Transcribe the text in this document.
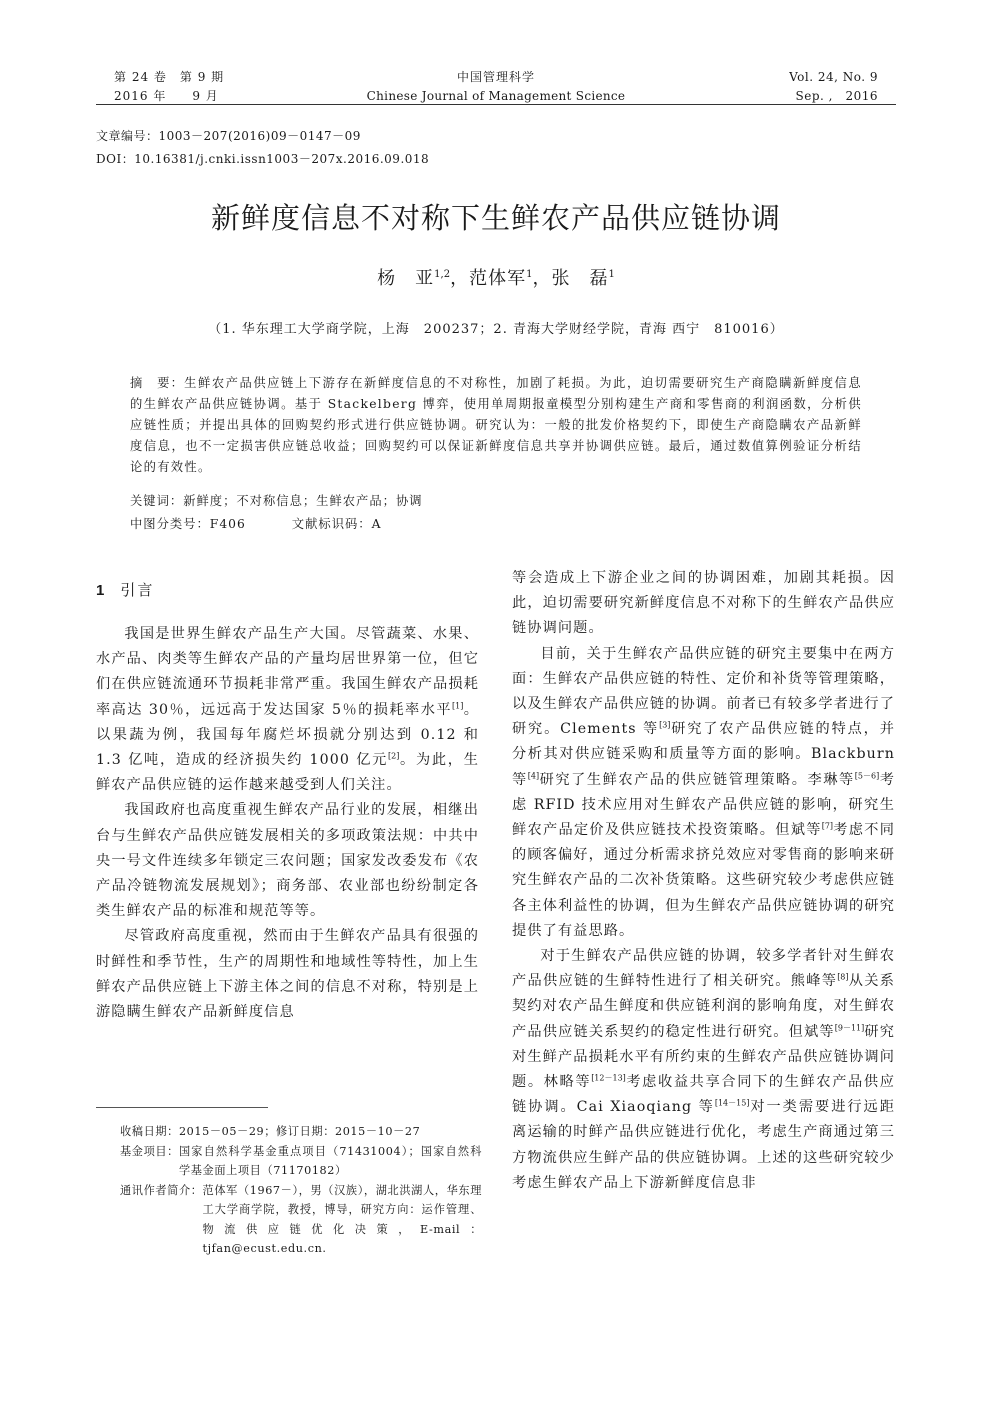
第 24 卷　第 9 期
2016 年　　9 月
中国管理科学
Chinese Journal of Management Science
Vol. 24, No. 9
Sep. ,　2016
文章编号：1003－207(2016)09－0147－09
DOI：10.16381/j.cnki.issn1003－207x.2016.09.018
新鲜度信息不对称下生鲜农产品供应链协调
杨　亚$^{1,2}$，范体军$^1$，张　磊$^1$
（1. 华东理工大学商学院，上海　200237；2. 青海大学财经学院，青海 西宁　810016）
摘　要：生鲜农产品供应链上下游存在新鲜度信息的不对称性，加剧了耗损。为此，迫切需要研究生产商隐瞒新鲜度信息的生鲜农产品供应链协调。基于 Stackelberg 博弈，使用单周期报童模型分别构建生产商和零售商的利润函数，分析供应链性质；并提出具体的回购契约形式进行供应链协调。研究认为：一般的批发价格契约下，即使生产商隐瞒农产品新鲜度信息，也不一定损害供应链总收益；回购契约可以保证新鲜度信息共享并协调供应链。最后，通过数值算例验证分析结论的有效性。
关键词：新鲜度；不对称信息；生鲜农产品；协调
中图分类号：F406	文献标识码：A
1 引言

我国是世界生鲜农产品生产大国。尽管蔬菜、水果、水产品、肉类等生鲜农产品的产量均居世界第一位，但它们在供应链流通环节损耗非常严重。我国生鲜农产品损耗率高达 30％，远远高于发达国家 5％的损耗率水平[1]。以果蔬为例，我国每年腐烂坏损就分别达到 0.12 和 1.3 亿吨，造成的经济损失约 1000 亿元[2]。为此，生鲜农产品供应链的运作越来越受到人们关注。

我国政府也高度重视生鲜农产品行业的发展，相继出台与生鲜农产品供应链发展相关的多项政策法规：中共中央一号文件连续多年锁定三农问题；国家发改委发布《农产品冷链物流发展规划》；商务部、农业部也纷纷制定各类生鲜农产品的标准和规范等等。

尽管政府高度重视，然而由于生鲜农产品具有很强的时鲜性和季节性，生产的周期性和地域性等特性，加上生鲜农产品供应链上下游主体之间的信息不对称，特别是上游隐瞒生鲜农产品新鲜度信息

等会造成上下游企业之间的协调困难，加剧其耗损。因此，迫切需要研究新鲜度信息不对称下的生鲜农产品供应链协调问题。

目前，关于生鲜农产品供应链的研究主要集中在两方面：生鲜农产品供应链的特性、定价和补货等管理策略，以及生鲜农产品供应链的协调。前者已有较多学者进行了研究。Clements 等[3]研究了农产品供应链的特点，并分析其对供应链采购和质量等方面的影响。Blackburn 等[4]研究了生鲜农产品的供应链管理策略。李琳等[5－6]考虑 RFID 技术应用对生鲜农产品供应链的影响，研究生鲜农产品定价及供应链技术投资策略。但斌等[7]考虑不同的顾客偏好，通过分析需求挤兑效应对零售商的影响来研究生鲜农产品的二次补货策略。这些研究较少考虑供应链各主体利益性的协调，但为生鲜农产品供应链协调的研究提供了有益思路。

对于生鲜农产品供应链的协调，较多学者针对生鲜农产品供应链的生鲜特性进行了相关研究。熊峰等[8]从关系契约对农产品生鲜度和供应链利润的影响角度，对生鲜农产品供应链关系契约的稳定性进行研究。但斌等[9－11]研究对生鲜产品损耗水平有所约束的生鲜农产品供应链协调问题。林略等[12－13]考虑收益共享合同下的生鲜农产品供应链协调。Cai Xiaoqiang 等[14－15]对一类需要进行远距离运输的时鲜产品供应链进行优化，考虑生产商通过第三方物流供应生鲜产品的供应链协调。上述的这些研究较少考虑生鲜农产品上下游新鲜度信息非

收稿日期： 2015－05－29；修订日期：2015－10－27
基金项目： 国家自然科学基金重点项目（71431004）；国家自然科学基金面上项目（71170182）
通讯作者简介： 范体军（1967－），男（汉族），湖北洪湖人，华东理工大学商学院，教授，博导，研究方向：运作管理、物流供应链优化决策，E-mail：tjfan@ecust.edu.cn.
